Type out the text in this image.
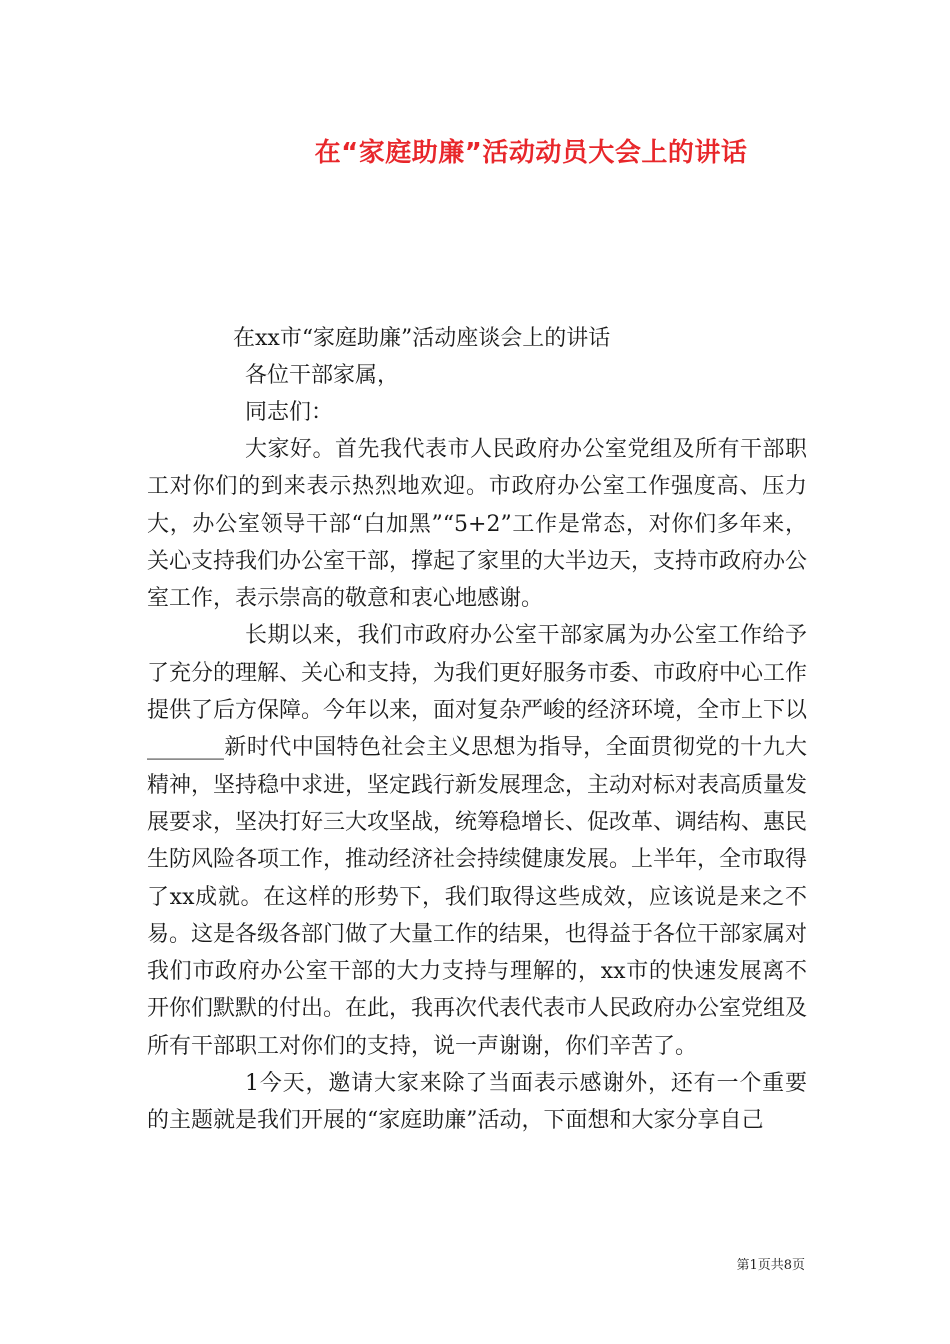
在“家庭助廉”活动动员大会上的讲话
在xx市“家庭助廉”活动座谈会上的讲话
各位干部家属，
同志们：

大家好。首先我代表市人民政府办公室党组及所有干部职工对你们的到来表示热烈地欢迎。市政府办公室工作强度高、压力大，办公室领导干部“白加黑”“5+2”工作是常态，对你们多年来，关心支持我们办公室干部，撑起了家里的大半边天，支持市政府办公室工作，表示崇高的敬意和衷心地感谢。

长期以来，我们市政府办公室干部家属为办公室工作给予了充分的理解、关心和支持，为我们更好服务市委、市政府中心工作提供了后方保障。今年以来，面对复杂严峻的经济环境，全市上下以_______新时代中国特色社会主义思想为指导，全面贯彻党的十九大精神，坚持稳中求进，坚定践行新发展理念，主动对标对表高质量发展要求，坚决打好三大攻坚战，统筹稳增长、促改革、调结构、惠民生防风险各项工作，推动经济社会持续健康发展。上半年，全市取得了xx成就。在这样的形势下，我们取得这些成效，应该说是来之不易。这是各级各部门做了大量工作的结果，也得益于各位干部家属对我们市政府办公室干部的大力支持与理解的，xx市的快速发展离不开你们默默的付出。在此，我再次代表代表市人民政府办公室党组及所有干部职工对你们的支持，说一声谢谢，你们辛苦了。

1今天，邀请大家来除了当面表示感谢外，还有一个重要的主题就是我们开展的“家庭助廉”活动，下面想和大家分享自己

第1页共8页
